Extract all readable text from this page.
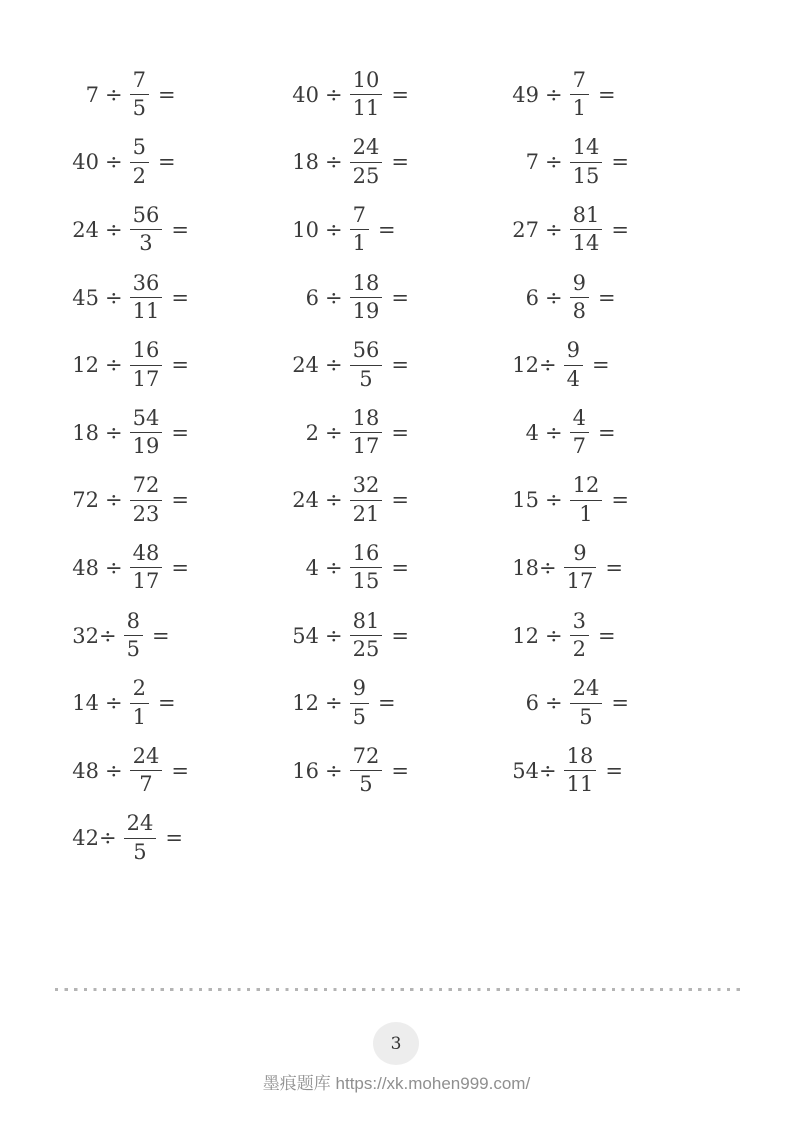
$7 \div \frac{7}{5}$ =	$40 \div \frac{10}{11}$ =	$49 \div \frac{7}{1}$ =
$40 \div \frac{5}{2}$ =	$18 \div \frac{24}{25}$ =	$7 \div \frac{14}{15}$ =
$24 \div \frac{56}{3}$ =	$10 \div \frac{7}{1}$ =	$27 \div \frac{81}{14}$ =
$45 \div \frac{36}{11}$ =	$6 \div \frac{18}{19}$ =	$6 \div \frac{9}{8}$ =
$12 \div \frac{16}{17}$ =	$24 \div \frac{56}{5}$ =	$12 \div \frac{9}{4}$ =
$18 \div \frac{54}{19}$ =	$2 \div \frac{18}{17}$ =	$4 \div \frac{4}{7}$ =
$72 \div \frac{72}{23}$ =	$24 \div \frac{32}{21}$ =	$15 \div \frac{12}{1}$ =
$48 \div \frac{48}{17}$ =	$4 \div \frac{16}{15}$ =	$18 \div \frac{9}{17}$ =
$32 \div \frac{8}{5}$ =	$54 \div \frac{81}{25}$ =	$12 \div \frac{3}{2}$ =
$14 \div \frac{2}{1}$ =	$12 \div \frac{9}{5}$ =	$6 \div \frac{24}{5}$ =
$48 \div \frac{24}{7}$ =	$16 \div \frac{72}{5}$ =	$54 \div \frac{18}{11}$ =
$42 \div \frac{24}{5}$ =
3
墨痕题库 https://xk.mohen999.com/
